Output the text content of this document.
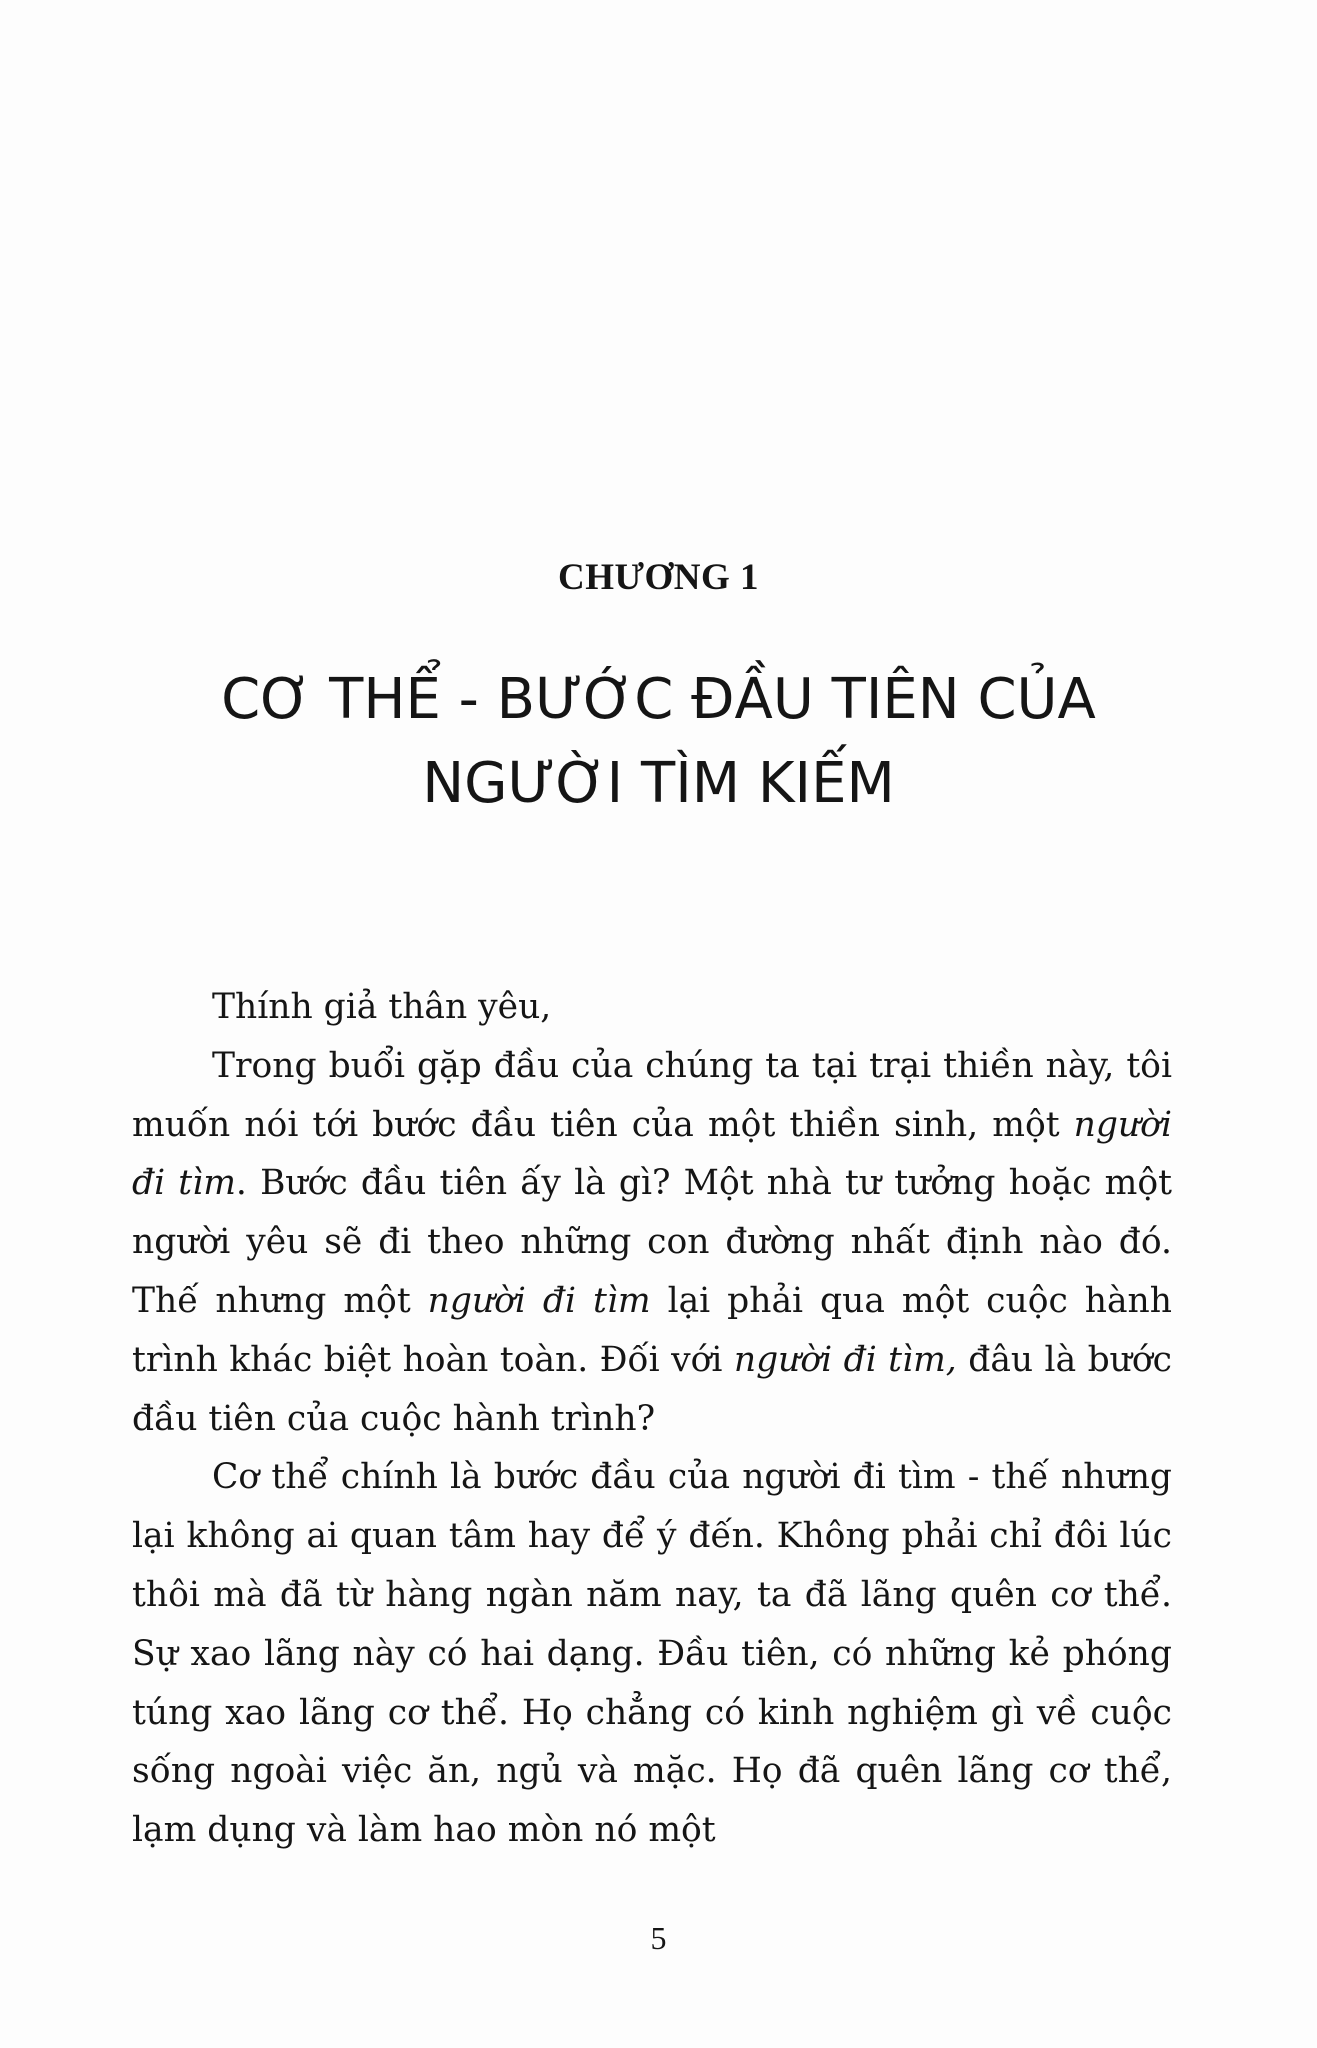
CHƯƠNG 1
CƠ THỂ - BƯỚC ĐẦU TIÊN CỦA
NGƯỜI TÌM KIẾM

Thính giả thân yêu,

Trong buổi gặp đầu của chúng ta tại trại thiền này, tôi muốn nói tới bước đầu tiên của một thiền sinh, một người đi tìm. Bước đầu tiên ấy là gì? Một nhà tư tưởng hoặc một người yêu sẽ đi theo những con đường nhất định nào đó. Thế nhưng một người đi tìm lại phải qua một cuộc hành trình khác biệt hoàn toàn. Đối với người đi tìm, đâu là bước đầu tiên của cuộc hành trình?

Cơ thể chính là bước đầu của người đi tìm - thế nhưng lại không ai quan tâm hay để ý đến. Không phải chỉ đôi lúc thôi mà đã từ hàng ngàn năm nay, ta đã lãng quên cơ thể. Sự xao lãng này có hai dạng. Đầu tiên, có những kẻ phóng túng xao lãng cơ thể. Họ chẳng có kinh nghiệm gì về cuộc sống ngoài việc ăn, ngủ và mặc. Họ đã quên lãng cơ thể, lạm dụng và làm hao mòn nó một

5
